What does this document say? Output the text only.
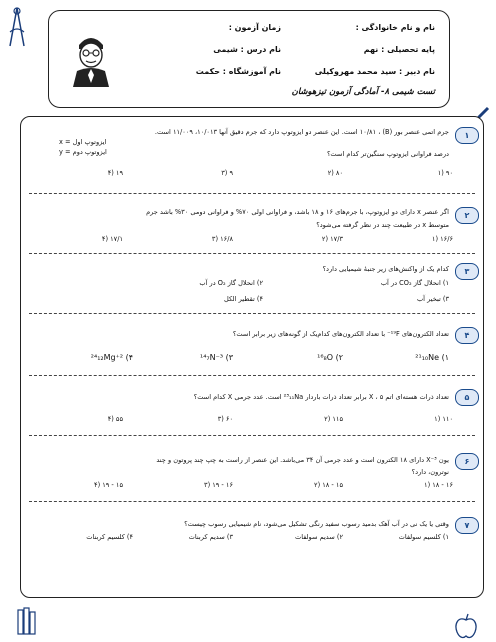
نام و نام خانوادگی :
پایه تحصیلی : نهم
نام دبیر : سید محمد مهروکیلی
زمان آزمون :
نام درس : شیمی
نام آموزشگاه : حکمت
تست شیمی ۸- آمادگی آزمون تیزهوشان
۱
جرم اتمی عنصر بور (B) ، ۱۰/۸۱ است. این عنصر دو ایزوتوپ دارد که جرم دقیق آنها ۱۰/۰۱۳، ۱۱/۰۰۹ است.
درصد فراوانی ایزوتوپ سنگین‌تر کدام است؟
ایزوتوپ اول = x
ایزوتوپ دوم = y
۹۰ (۱
۸۰ (۲
۹ (۳
۱۹ (۴
۲
اگر عنصر x دارای دو ایزوتوپ، با جرم‌های ۱۶ و ۱۸ باشد، و فراوانی اولی ۷۰% و فراوانی دومی ۳۰% باشد جرم
متوسط x در طبیعت چند در نظر گرفته می‌شود؟
۱۶/۶ (۱
۱۷/۳ (۲
۱۶/۸ (۳
۱۷/۱ (۴
۳
کدام یک از واکنش‌های زیر جنبهٔ شیمیایی دارد؟
۱) انحلال گاز CO₂ در آب
۲) انحلال گاز O₂ در آب
۳) تبخیر آب
۴) تقطیر الکل
۴
تعداد الکترون‌های ¹⁹F⁻ با تعداد الکترون‌های کدام‌یک از گونه‌های زیر برابر است؟
²¹₁₀Ne (۱
¹⁶₈O (۲
¹⁴₇N⁻³ (۳
²⁴₁₂Mg⁺² (۴
۵
تعداد ذرات هسته‌ای اتم X ، ۵ برابر تعداد ذرات باردار ²³₁₁Na است. عدد جرمی X کدام است؟
۱۱۰ (۱
۱۱۵ (۲
۶۰ (۳
۵۵ (۴
۶
یون X⁻³ دارای ۱۸ الکترون است و عدد جرمی آن ۳۴ می‌باشد. این عنصر از راست به چپ چند پروتون و چند
نوترون، دارد؟
۱۶ - ۱۸ (۱
۱۵ - ۱۸ (۲
۱۶ - ۱۹ (۳
۱۵ - ۱۹ (۴
۷
وقتی یا یک نی در آب آهک بدمید رسوب سفید رنگی تشکیل می‌شود، نام شیمیایی رسوب چیست؟
۱) کلسیم سولفات
۲) سدیم سولفات
۳) سدیم کربنات
۴) کلسیم کربنات
